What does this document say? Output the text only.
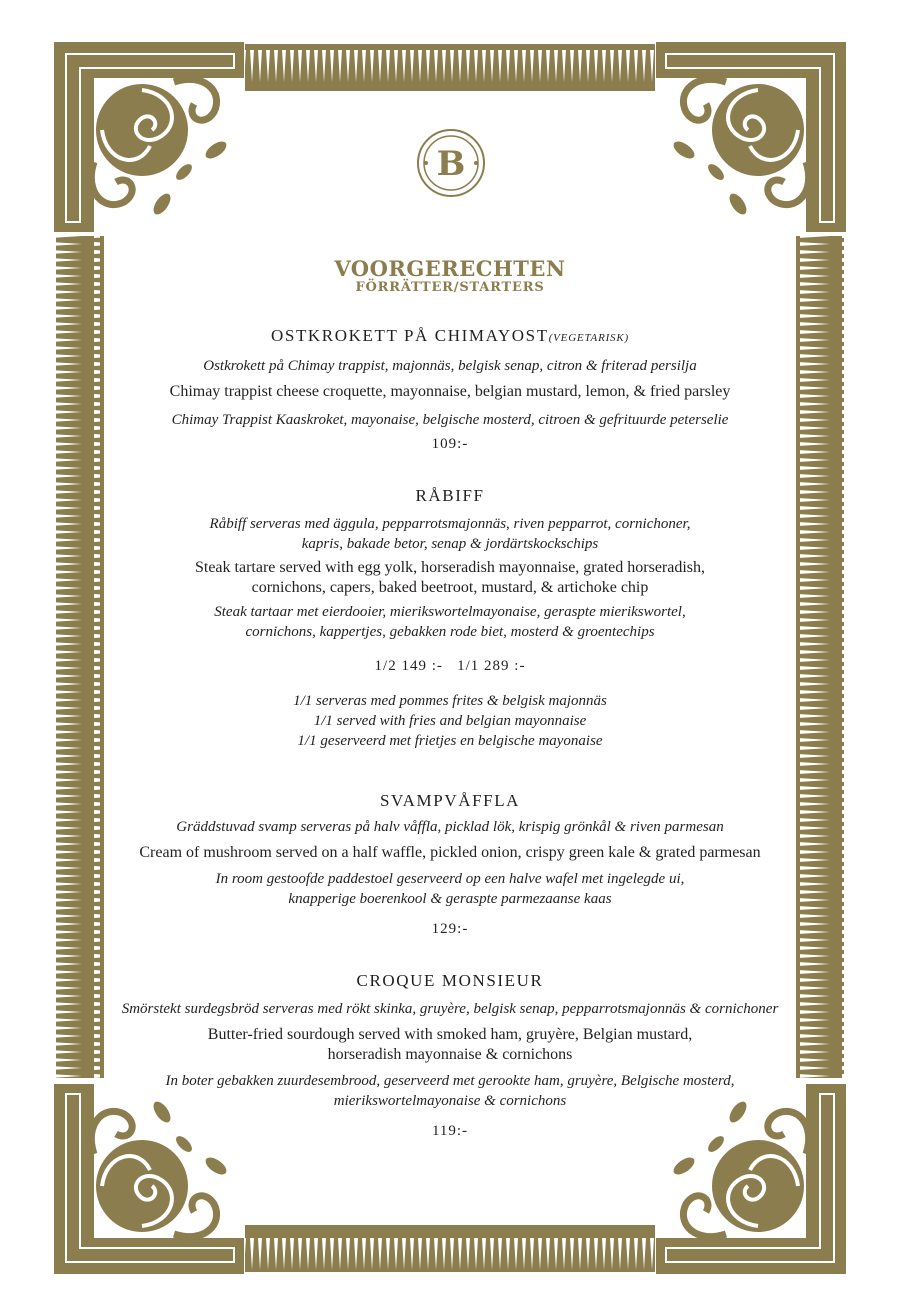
B
VOORGERECHTEN
FÖRRÄTTER/STARTERS
OSTKROKETT PÅ CHIMAYOST(VEGETARISK)
Ostkrokett på Chimay trappist, majonnäs, belgisk senap, citron & friterad persilja
Chimay trappist cheese croquette, mayonnaise, belgian mustard, lemon, & fried parsley
Chimay Trappist Kaaskroket, mayonaise, belgische mosterd, citroen & gefrituurde peterselie
109:-
RÅBIFF
Råbiff serveras med äggula, pepparrotsmajonnäs, riven pepparrot, cornichoner,
kapris, bakade betor, senap & jordärtskockschips
Steak tartare served with egg yolk, horseradish mayonnaise, grated horseradish,
cornichons, capers, baked beetroot, mustard, & artichoke chip
Steak tartaar met eierdooier, mierikswortelmayonaise, geraspte mierikswortel,
cornichons, kappertjes, gebakken rode biet, mosterd & groentechips
1/2 149 :-   1/1 289 :-
1/1 serveras med pommes frites & belgisk majonnäs
1/1 served with fries and belgian mayonnaise
1/1 geserveerd met frietjes en belgische mayonaise
SVAMPVÅFFLA
Gräddstuvad svamp serveras på halv våffla, picklad lök, krispig grönkål & riven parmesan
Cream of mushroom served on a half waffle, pickled onion, crispy green kale & grated parmesan
In room gestoofde paddestoel geserveerd op een halve wafel met ingelegde ui,
knapperige boerenkool & geraspte parmezaanse kaas
129:-
CROQUE MONSIEUR
Smörstekt surdegsbröd serveras med rökt skinka, gruyère, belgisk senap, pepparrotsmajonnäs & cornichoner
Butter-fried sourdough served with smoked ham, gruyère, Belgian mustard,
horseradish mayonnaise & cornichons
In boter gebakken zuurdesembrood, geserveerd met gerookte ham, gruyère, Belgische mosterd,
mierikswortelmayonaise & cornichons
119:-
